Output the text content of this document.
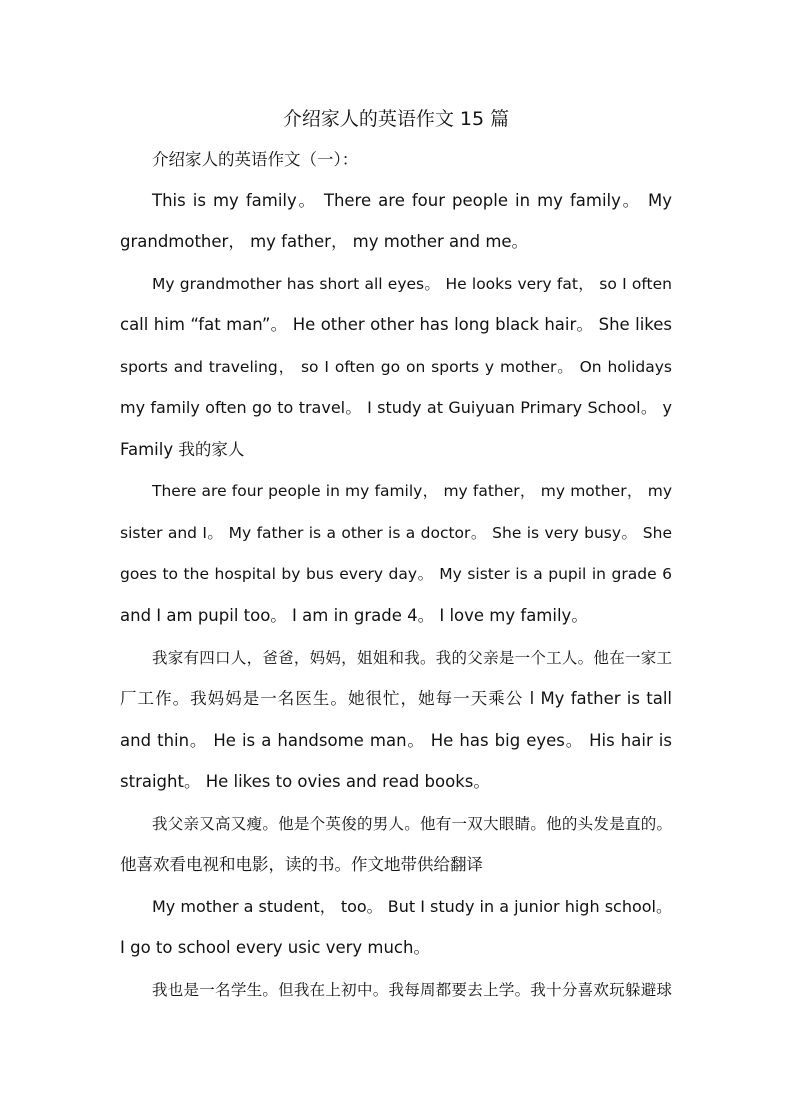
介绍家人的英语作文 15 篇
介绍家人的英语作文（一）：
This is my family。 There are four people in my family。 My
grandmother， my father， my mother and me。
My grandmother has short all eyes。 He looks very fat， so I often
call him “fat man”。 He other other has long black hair。 She likes
sports and traveling， so I often go on sports y mother。 On holidays
my family often go to travel。 I study at Guiyuan Primary School。 y
Family 我的家人
There are four people in my family， my father， my mother， my
sister and I。 My father is a other is a doctor。 She is very busy。 She
goes to the hospital by bus every day。 My sister is a pupil in grade 6
and I am pupil too。 I am in grade 4。 I love my family。
我家有四口人，爸爸，妈妈，姐姐和我。我的父亲是一个工人。他在一家工
厂工作。我妈妈是一名医生。她很忙，她每一天乘公 l My father is tall
and thin。 He is a handsome man。 He has big eyes。 His hair is
straight。 He likes to ovies and read books。
我父亲又高又瘦。他是个英俊的男人。他有一双大眼睛。他的头发是直的。
他喜欢看电视和电影，读的书。作文地带供给翻译
My mother a student， too。 But I study in a junior high school。
I go to school every usic very much。
我也是一名学生。但我在上初中。我每周都要去上学。我十分喜欢玩躲避球
